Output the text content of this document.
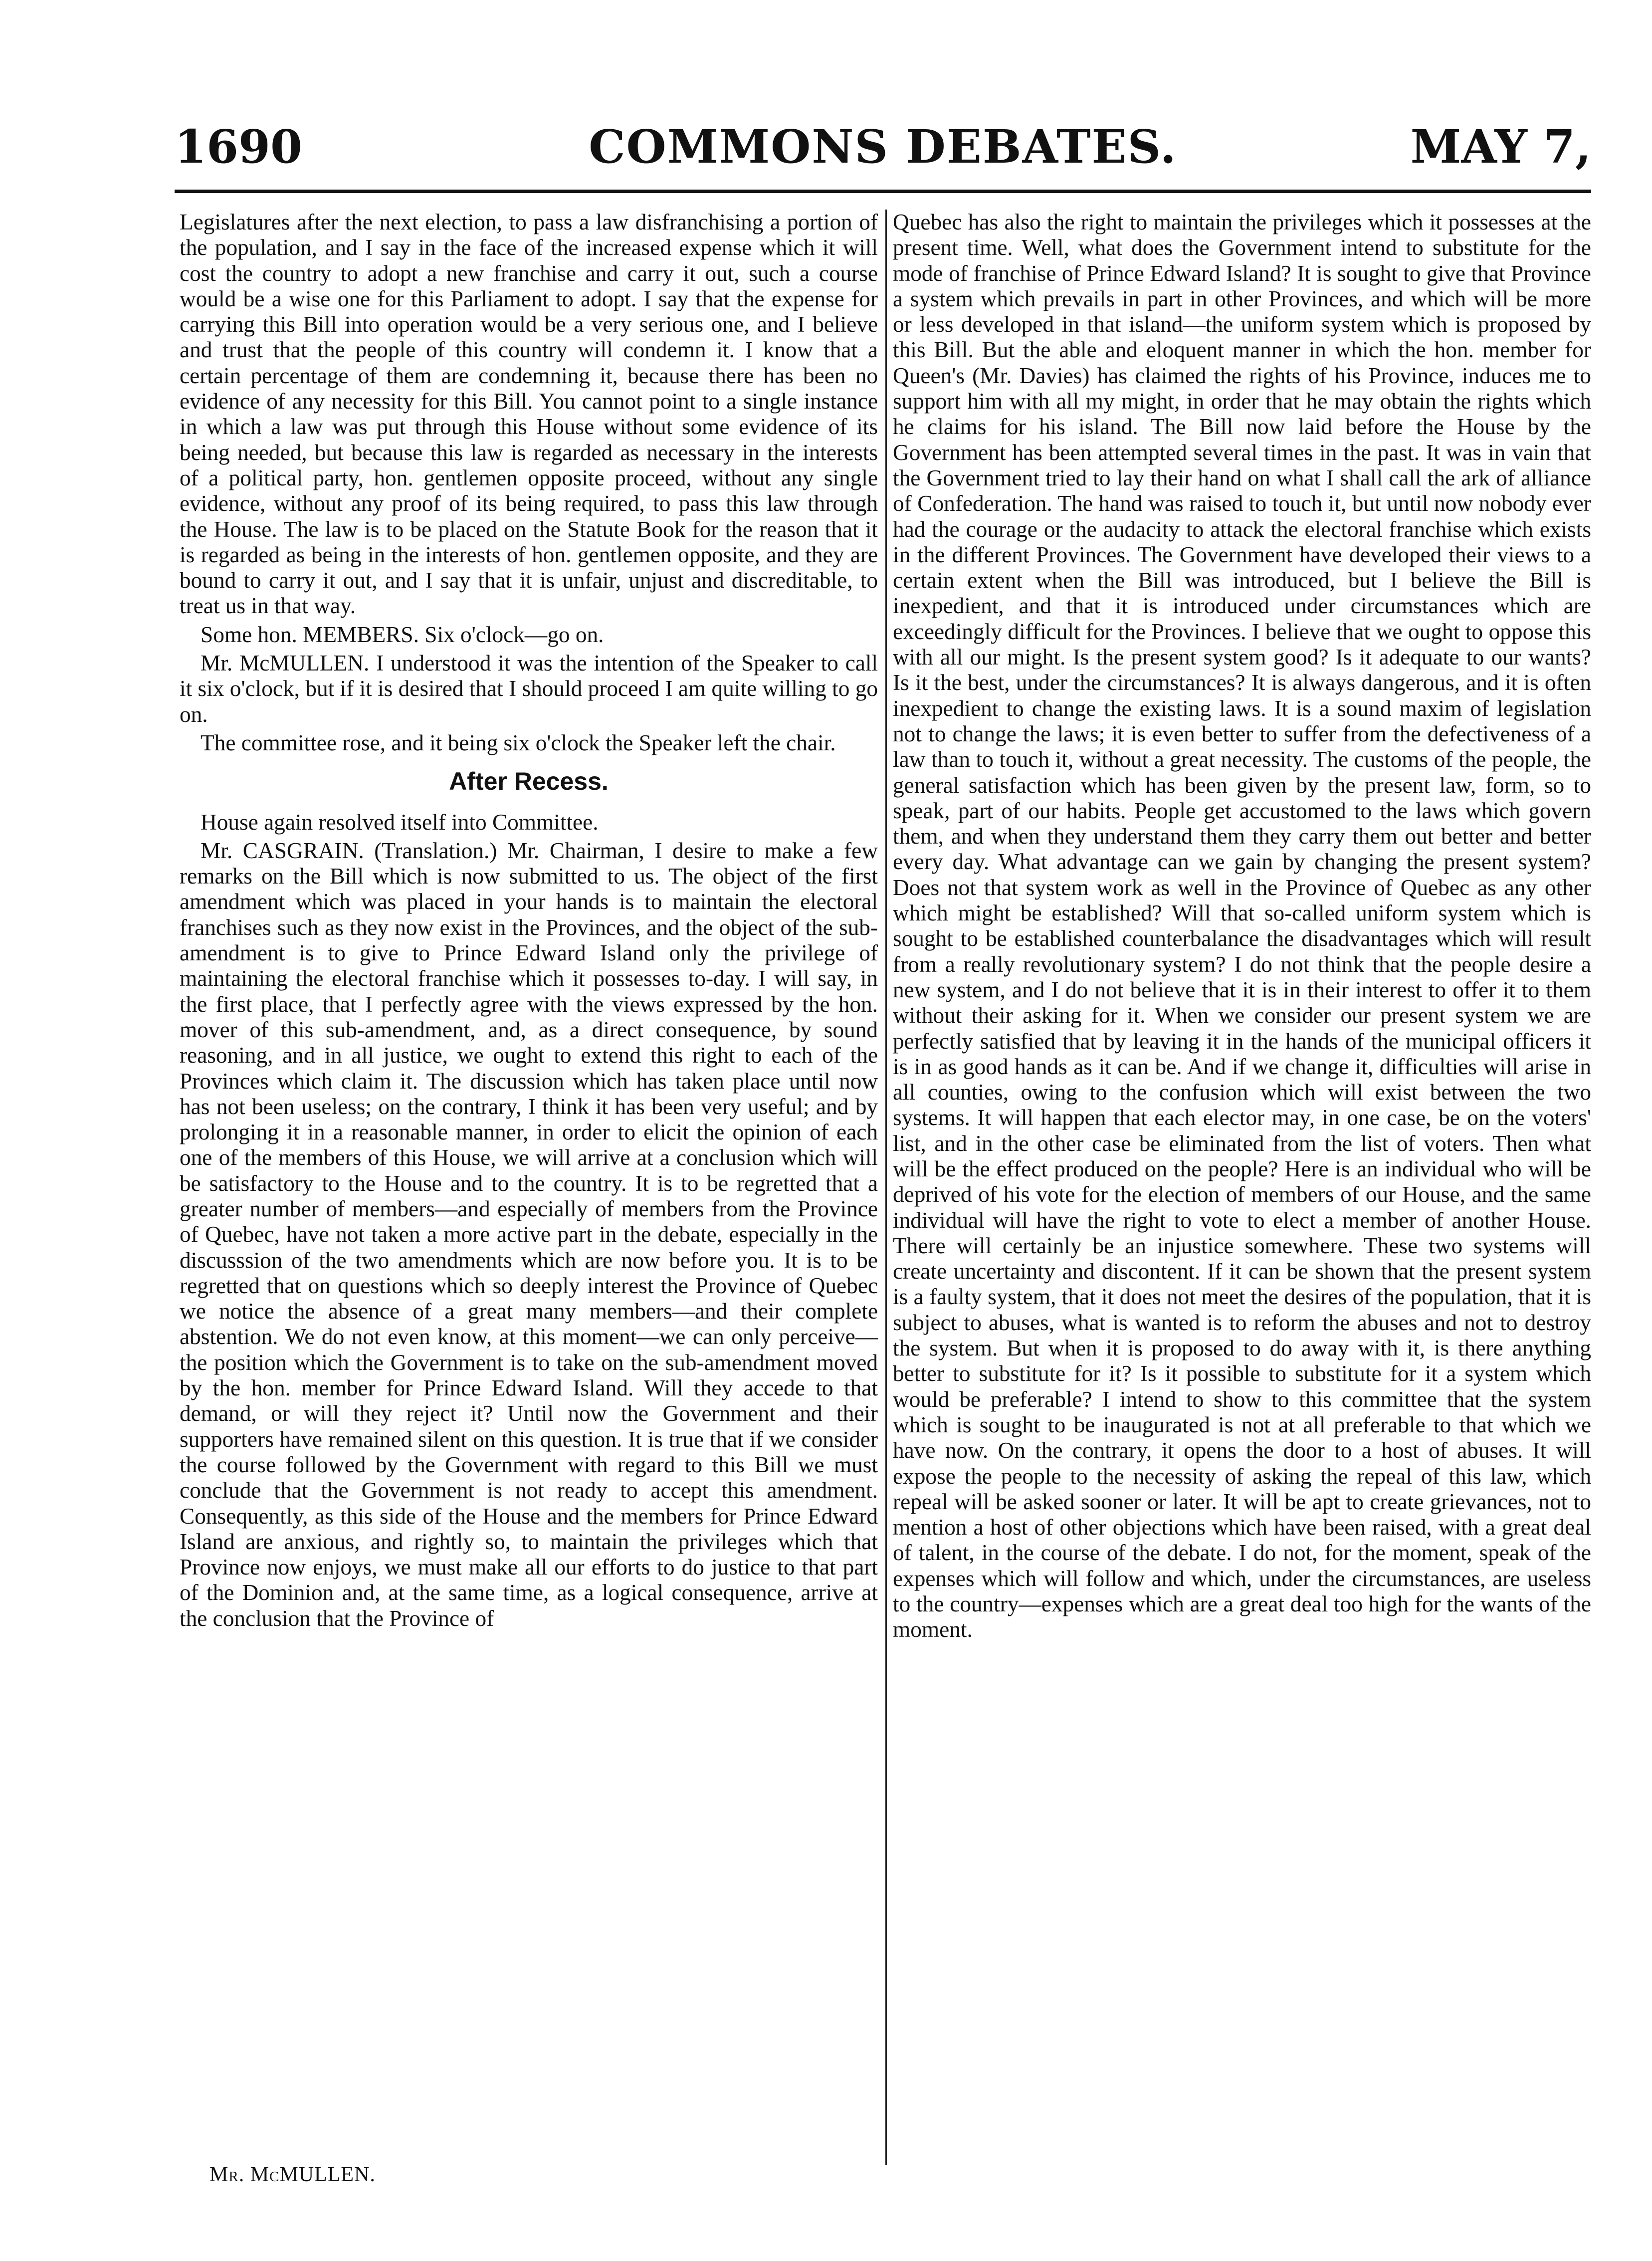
1690	COMMONS DEBATES.	MAY 7,

Legislatures after the next election, to pass a law disfranchising a portion of the population, and I say in the face of the increased expense which it will cost the country to adopt a new franchise and carry it out, such a course would be a wise one for this Parliament to adopt. I say that the expense for carrying this Bill into operation would be a very serious one, and I believe and trust that the people of this country will condemn it. I know that a certain percentage of them are condemning it, because there has been no evidence of any necessity for this Bill. You cannot point to a single instance in which a law was put through this House without some evidence of its being needed, but because this law is regarded as necessary in the interests of a political party, hon. gentlemen opposite proceed, without any single evidence, without any proof of its being required, to pass this law through the House. The law is to be placed on the Statute Book for the reason that it is regarded as being in the interests of hon. gentlemen opposite, and they are bound to carry it out, and I say that it is unfair, unjust and discreditable, to treat us in that way.

Some hon. MEMBERS. Six o'clock—go on.

Mr. McMULLEN. I understood it was the intention of the Speaker to call it six o'clock, but if it is desired that I should proceed I am quite willing to go on.

The committee rose, and it being six o'clock the Speaker left the chair.

After Recess.

House again resolved itself into Committee.

Mr. CASGRAIN. (Translation.) Mr. Chairman, I desire to make a few remarks on the Bill which is now submitted to us. The object of the first amendment which was placed in your hands is to maintain the electoral franchises such as they now exist in the Provinces, and the object of the sub-amendment is to give to Prince Edward Island only the privilege of maintaining the electoral franchise which it possesses to-day. I will say, in the first place, that I perfectly agree with the views expressed by the hon. mover of this sub-amendment, and, as a direct consequence, by sound reasoning, and in all justice, we ought to extend this right to each of the Provinces which claim it. The discussion which has taken place until now has not been useless; on the contrary, I think it has been very useful; and by prolonging it in a reasonable manner, in order to elicit the opinion of each one of the members of this House, we will arrive at a conclusion which will be satisfactory to the House and to the country. It is to be regretted that a greater number of members—and especially of members from the Province of Quebec, have not taken a more active part in the debate, especially in the discusssion of the two amendments which are now before you. It is to be regretted that on questions which so deeply interest the Province of Quebec we notice the absence of a great many members—and their complete abstention. We do not even know, at this moment—we can only perceive—the position which the Government is to take on the sub-amendment moved by the hon. member for Prince Edward Island. Will they accede to that demand, or will they reject it? Until now the Government and their supporters have remained silent on this question. It is true that if we consider the course followed by the Government with regard to this Bill we must conclude that the Government is not ready to accept this amendment. Consequently, as this side of the House and the members for Prince Edward Island are anxious, and rightly so, to maintain the privileges which that Province now enjoys, we must make all our efforts to do justice to that part of the Dominion and, at the same time, as a logical consequence, arrive at the conclusion that the Province of

Quebec has also the right to maintain the privileges which it possesses at the present time. Well, what does the Government intend to substitute for the mode of franchise of Prince Edward Island? It is sought to give that Province a system which prevails in part in other Provinces, and which will be more or less developed in that island—the uniform system which is proposed by this Bill. But the able and eloquent manner in which the hon. member for Queen's (Mr. Davies) has claimed the rights of his Province, induces me to support him with all my might, in order that he may obtain the rights which he claims for his island. The Bill now laid before the House by the Government has been attempted several times in the past. It was in vain that the Government tried to lay their hand on what I shall call the ark of alliance of Confederation. The hand was raised to touch it, but until now nobody ever had the courage or the audacity to attack the electoral franchise which exists in the different Provinces. The Government have developed their views to a certain extent when the Bill was introduced, but I believe the Bill is inexpedient, and that it is introduced under circumstances which are exceedingly difficult for the Provinces. I believe that we ought to oppose this with all our might. Is the present system good? Is it adequate to our wants? Is it the best, under the circumstances? It is always dangerous, and it is often inexpedient to change the existing laws. It is a sound maxim of legislation not to change the laws; it is even better to suffer from the defectiveness of a law than to touch it, without a great necessity. The customs of the people, the general satisfaction which has been given by the present law, form, so to speak, part of our habits. People get accustomed to the laws which govern them, and when they understand them they carry them out better and better every day. What advantage can we gain by changing the present system? Does not that system work as well in the Province of Quebec as any other which might be established? Will that so-called uniform system which is sought to be established counterbalance the disadvantages which will result from a really revolutionary system? I do not think that the people desire a new system, and I do not believe that it is in their interest to offer it to them without their asking for it. When we consider our present system we are perfectly satisfied that by leaving it in the hands of the municipal officers it is in as good hands as it can be. And if we change it, difficulties will arise in all counties, owing to the confusion which will exist between the two systems. It will happen that each elector may, in one case, be on the voters' list, and in the other case be eliminated from the list of voters. Then what will be the effect produced on the people? Here is an individual who will be deprived of his vote for the election of members of our House, and the same individual will have the right to vote to elect a member of another House. There will certainly be an injustice somewhere. These two systems will create uncertainty and discontent. If it can be shown that the present system is a faulty system, that it does not meet the desires of the population, that it is subject to abuses, what is wanted is to reform the abuses and not to destroy the system. But when it is proposed to do away with it, is there anything better to substitute for it? Is it possible to substitute for it a system which would be preferable? I intend to show to this committee that the system which is sought to be inaugurated is not at all preferable to that which we have now. On the contrary, it opens the door to a host of abuses. It will expose the people to the necessity of asking the repeal of this law, which repeal will be asked sooner or later. It will be apt to create grievances, not to mention a host of other objections which have been raised, with a great deal of talent, in the course of the debate. I do not, for the moment, speak of the expenses which will follow and which, under the circumstances, are useless to the country—expenses which are a great deal too high for the wants of the moment.

Mr. McMULLEN.
